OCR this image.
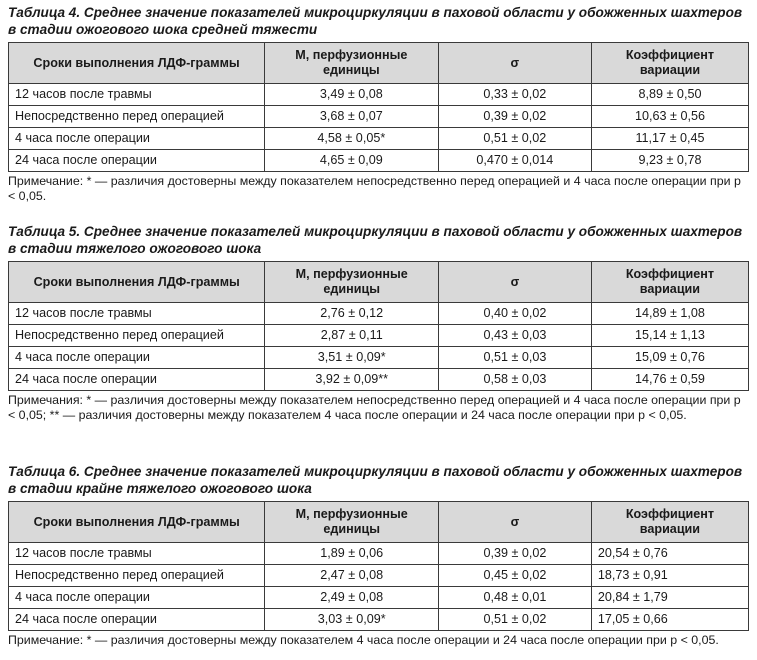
Таблица 4. Среднее значение показателей микроциркуляции в паховой области у обожженных шахтеров в стадии ожогового шока средней тяжести

Сроки выполнения ЛДФ-граммы	М, перфузионные единицы	σ	Коэффициент вариации
12 часов после травмы	3,49 ± 0,08	0,33 ± 0,02	8,89 ± 0,50
Непосредственно перед операцией	3,68 ± 0,07	0,39 ± 0,02	10,63 ± 0,56
4 часа после операции	4,58 ± 0,05*	0,51 ± 0,02	11,17 ± 0,45
24 часа после операции	4,65 ± 0,09	0,470 ± 0,014	9,23 ± 0,78

Примечание: * — различия достоверны между показателем непосредственно перед операцией и 4 часа после операции при р < 0,05.

Таблица 5. Среднее значение показателей микроциркуляции в паховой области у обожженных шахтеров в стадии тяжелого ожогового шока

Сроки выполнения ЛДФ-граммы	М, перфузионные единицы	σ	Коэффициент вариации
12 часов после травмы	2,76 ± 0,12	0,40 ± 0,02	14,89 ± 1,08
Непосредственно перед операцией	2,87 ± 0,11	0,43 ± 0,03	15,14 ± 1,13
4 часа после операции	3,51 ± 0,09*	0,51 ± 0,03	15,09 ± 0,76
24 часа после операции	3,92 ± 0,09**	0,58 ± 0,03	14,76 ± 0,59

Примечания: * — различия достоверны между показателем непосредственно перед операцией и 4 часа после операции при р < 0,05; ** — различия достоверны между показателем 4 часа после операции и 24 часа после операции при р < 0,05.

Таблица 6. Среднее значение показателей микроциркуляции в паховой области у обожженных шахтеров в стадии крайне тяжелого ожогового шока

Сроки выполнения ЛДФ-граммы	М, перфузионные единицы	σ	Коэффициент вариации
12 часов после травмы	1,89 ± 0,06	0,39 ± 0,02	20,54 ± 0,76
Непосредственно перед операцией	2,47 ± 0,08	0,45 ± 0,02	18,73 ± 0,91
4 часа после операции	2,49 ± 0,08	0,48 ± 0,01	20,84 ± 1,79
24 часа после операции	3,03 ± 0,09*	0,51 ± 0,02	17,05 ± 0,66

Примечание: * — различия достоверны между показателем 4 часа после операции и 24 часа после операции при р < 0,05.
